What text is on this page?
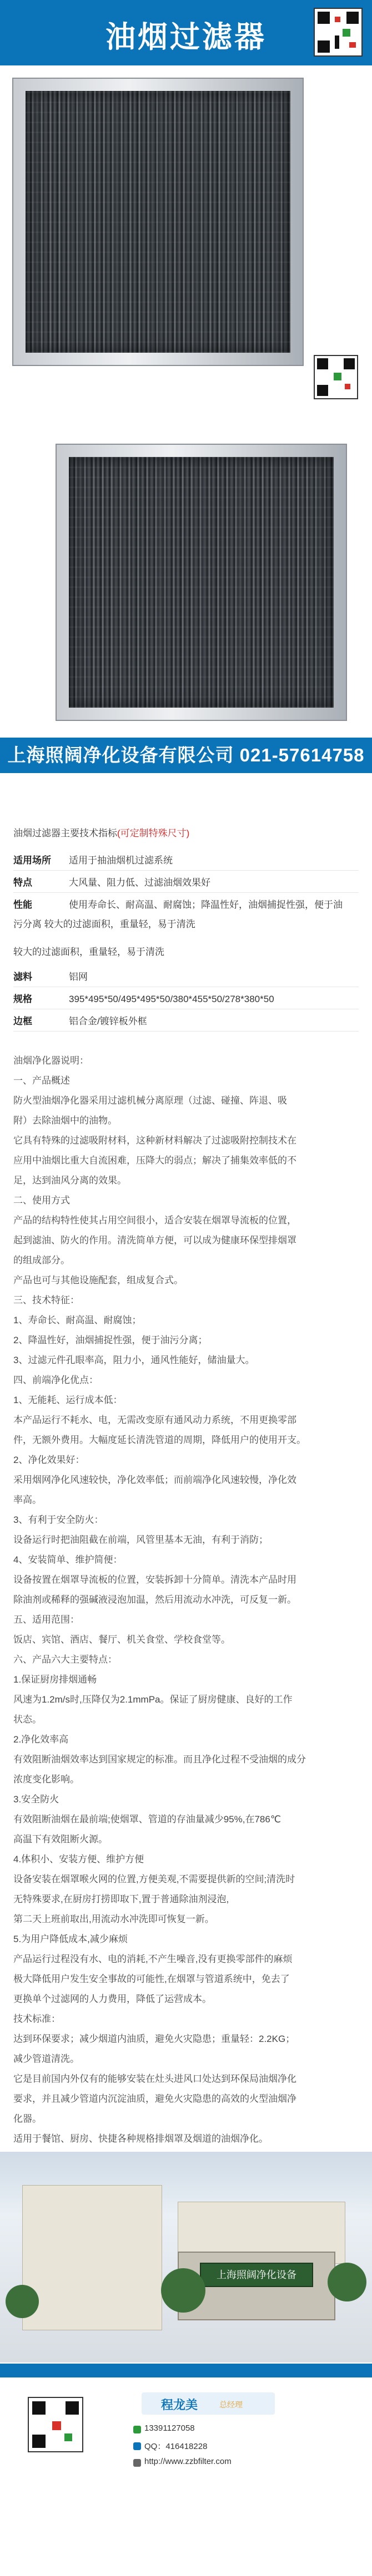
油烟过滤器
上海照阔净化设备有限公司 021-57614758
油烟过滤器主要技术指标(可定制特殊尺寸)
适用场所	适用于抽油烟机过滤系统
特点	大风量、阻力低、过滤油烟效果好
性能	使用寿命长、耐高温、耐腐蚀；降温性好，油烟捕捉性强，便于油
污分离 较大的过滤面积，重量轻，易于清洗
较大的过滤面积，重量轻，易于清洗
滤料	铝网
规格	395*495*50/495*495*50/380*455*50/278*380*50
边框	铝合金/镀锌板外框
油烟净化器说明：
一、产品概述
防火型油烟净化器采用过滤机械分离原理（过滤、碰撞、阵退、吸
附）去除油烟中的油物。
它具有特殊的过滤吸附材料，这种新材料解决了过滤吸附控制技术在
应用中油烟比重大自流困难，压降大的弱点；解决了捕集效率低的不
足，达到油风分离的效果。
二、使用方式
产品的结构特性使其占用空间很小，适合安装在烟罩导流板的位置，
起到滤油、防火的作用。清洗简单方便，可以成为健康环保型排烟罩
的组成部分。
产品也可与其他设施配套，组成复合式。
三、技术特征：
1、寿命长、耐高温、耐腐蚀；
2、降温性好，油烟捕捉性强，便于油污分离；
3、过滤元件孔眼率高，阻力小，通风性能好，储油量大。
四、前端净化优点：
1、无能耗、运行成本低：
本产品运行不耗水、电，无需改变原有通风动力系统，不用更换零部
件，无额外费用。大幅度延长清洗管道的周期，降低用户的使用开支。
2、净化效果好：
采用烟网净化风速较快，净化效率低；而前端净化风速较慢，净化效
率高。
3、有利于安全防火：
设备运行时把油阻截在前端，风管里基本无油，有利于消防；
4、安装简单、维护简便：
设备按置在烟罩导流板的位置，安装拆卸十分简单。清洗本产品时用
除油剂或稀释的强碱液浸泡加温，然后用流动水冲洗，可反复一新。
五、适用范围：
饭店、宾馆、酒店、餐厅、机关食堂、学校食堂等。
六、产品六大主要特点：
1.保证厨房排烟通畅
风速为1.2m/s时,压降仅为2.1mmPa。保证了厨房健康、良好的工作
状态。
2.净化效率高
有效阻断油烟效率达到国家规定的标准。而且净化过程不受油烟的成分
浓度变化影响。
3.安全防火
有效阻断油烟在最前端;使烟罩、管道的存油量减少95%,在786℃
高温下有效阻断火源。
4.体积小、安装方便、维护方便
设备安装在烟罩喉火网的位置,方便美观,不需要提供新的空间;清洗时
无特殊要求,在厨房打捞即取下,置于普通除油剂浸泡,
第二天上班前取出,用流动水冲洗即可恢复一新。
5.为用户降低成本,减少麻烦
产品运行过程没有水、电的消耗,不产生噪音,没有更换零部件的麻烦
极大降低用户发生安全事故的可能性,在烟罩与管道系统中，免去了
更换单个过滤网的人力费用，降低了运营成本。
技术标准：
达到环保要求；减少烟道内油质，避免火灾隐患；重量轻：2.2KG；
减少管道清洗。
它是目前国内外仅有的能够安装在灶头进风口处达到环保局油烟净化
要求，并且减少管道内沉淀油质，避免火灾隐患的高效的火型油烟净
化器。
适用于餐馆、厨房、快捷各种规格排烟罩及烟道的油烟净化。
上海照阔净化设备
程龙美	总经理
13391127058
QQ：416418228
http://www.zzbfilter.com
